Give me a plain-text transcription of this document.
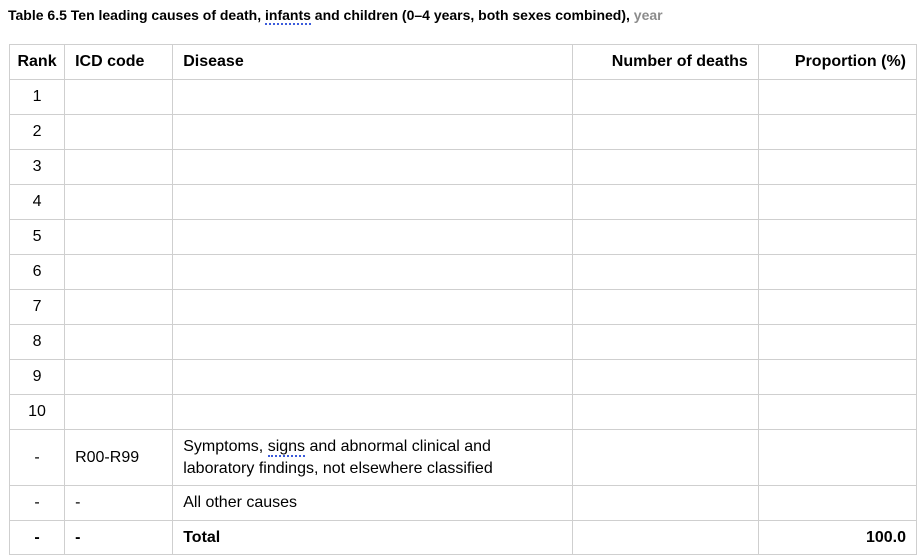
Table 6.5 Ten leading causes of death, infants and children (0–4 years, both sexes combined), year
Rank	ICD code	Disease	Number of deaths	Proportion (%)
1				
2				
3				
4				
5				
6				
7				
8				
9				
10				
-	R00-R99	Symptoms, signs and abnormal clinical and laboratory findings, not elsewhere classified		
-	-	All other causes		
-	-	Total		100.0
